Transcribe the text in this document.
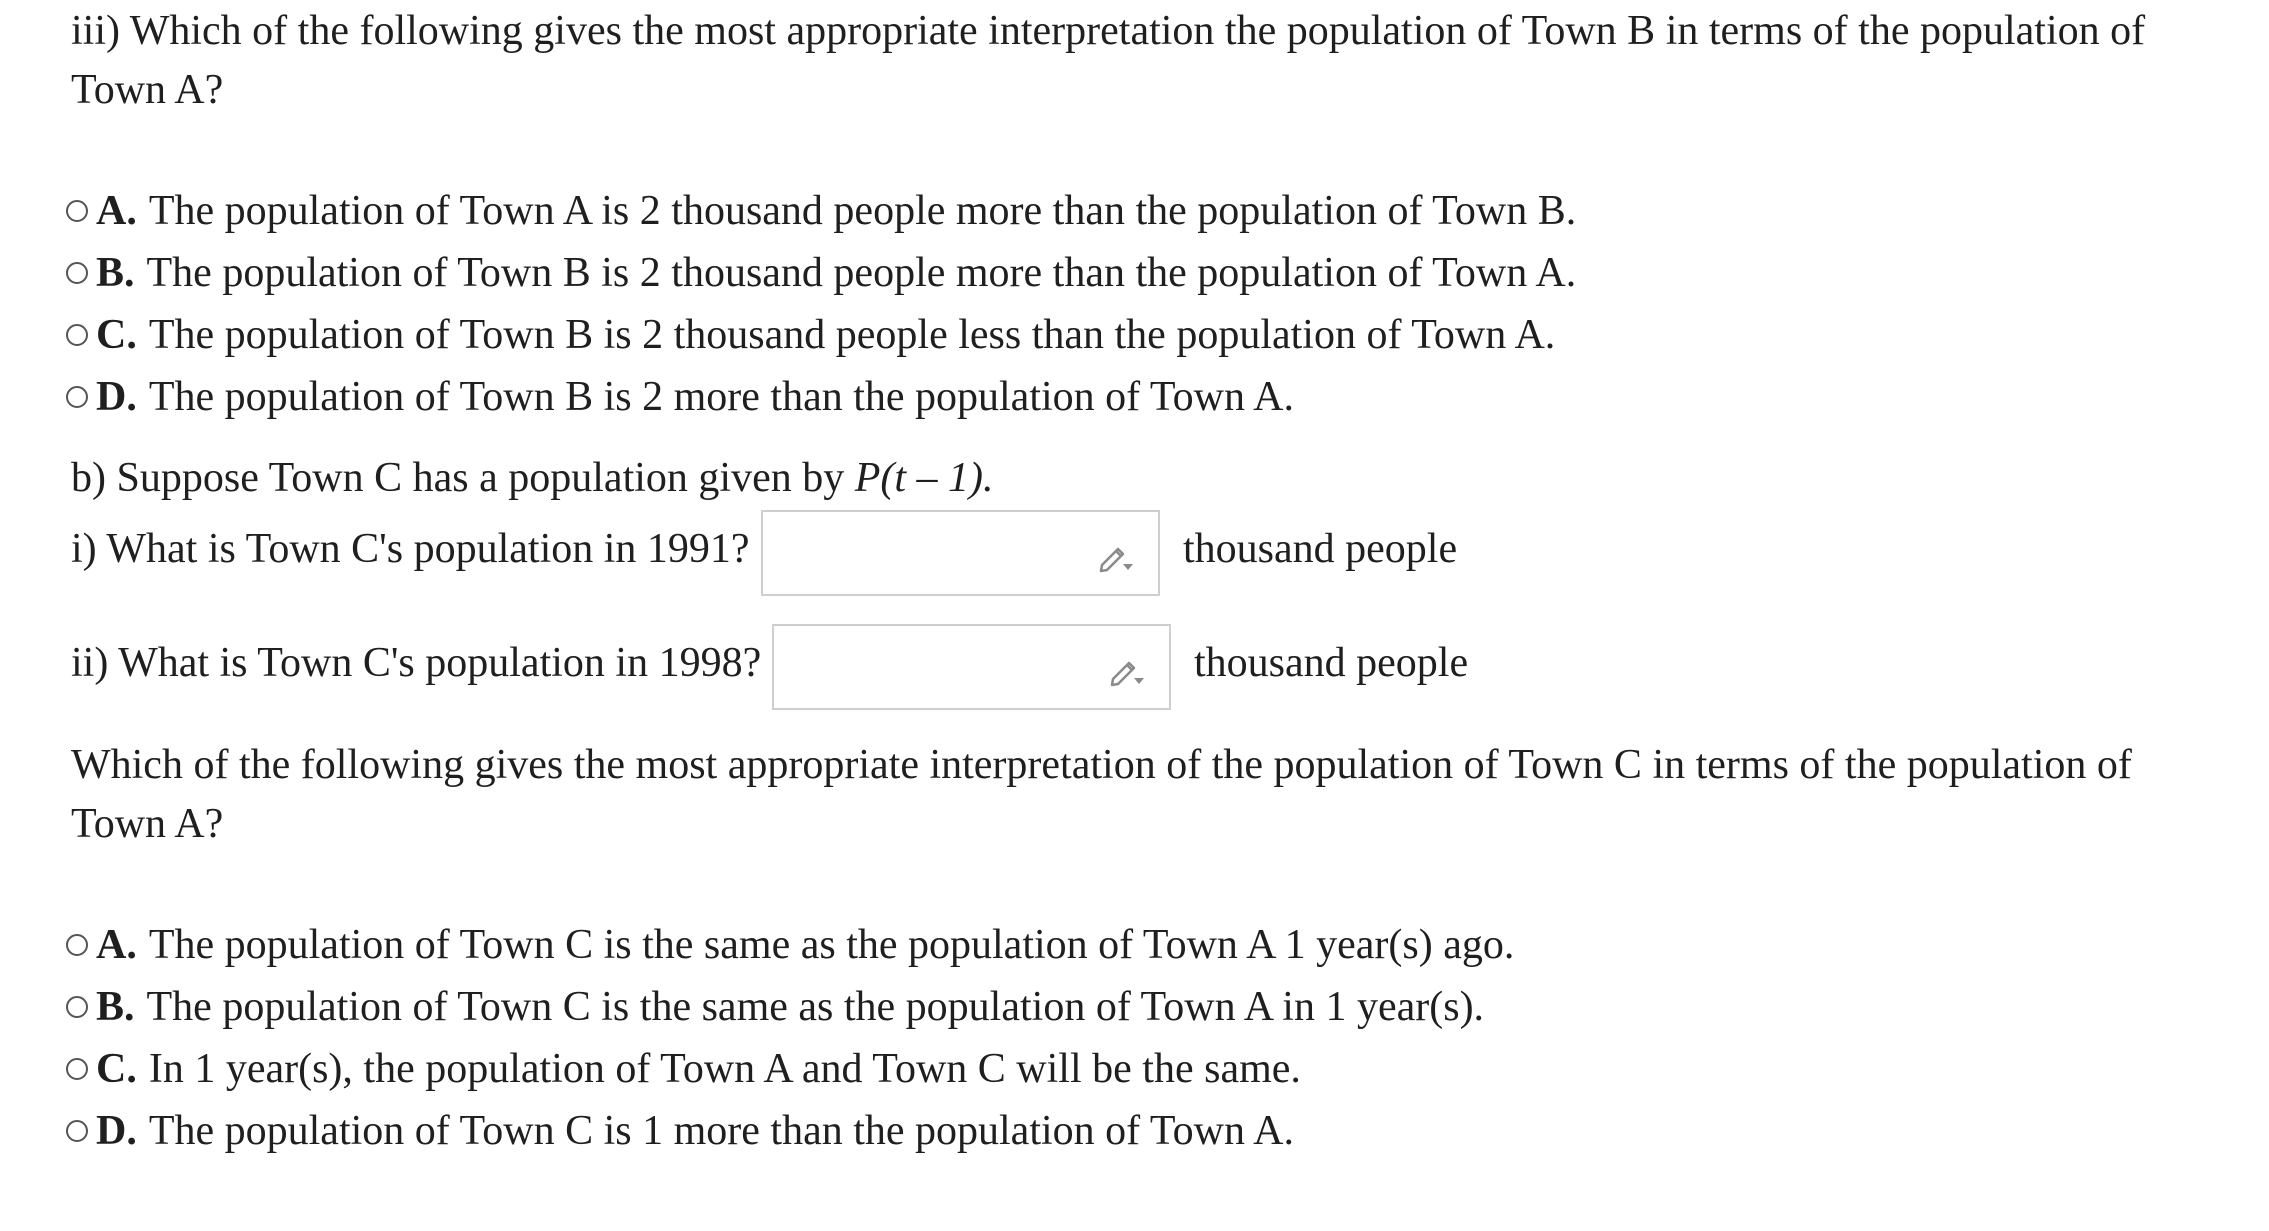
iii) Which of the following gives the most appropriate interpretation the population of Town B in terms of the population of Town A?
A. The population of Town A is 2 thousand people more than the population of Town B.
B. The population of Town B is 2 thousand people more than the population of Town A.
C. The population of Town B is 2 thousand people less than the population of Town A.
D. The population of Town B is 2 more than the population of Town A.
b) Suppose Town C has a population given by P(t – 1).
i) What is Town C's population in 1991?	thousand people
ii) What is Town C's population in 1998?	thousand people
Which of the following gives the most appropriate interpretation of the population of Town C in terms of the population of Town A?
A. The population of Town C is the same as the population of Town A 1 year(s) ago.
B. The population of Town C is the same as the population of Town A in 1 year(s).
C. In 1 year(s), the population of Town A and Town C will be the same.
D. The population of Town C is 1 more than the population of Town A.
